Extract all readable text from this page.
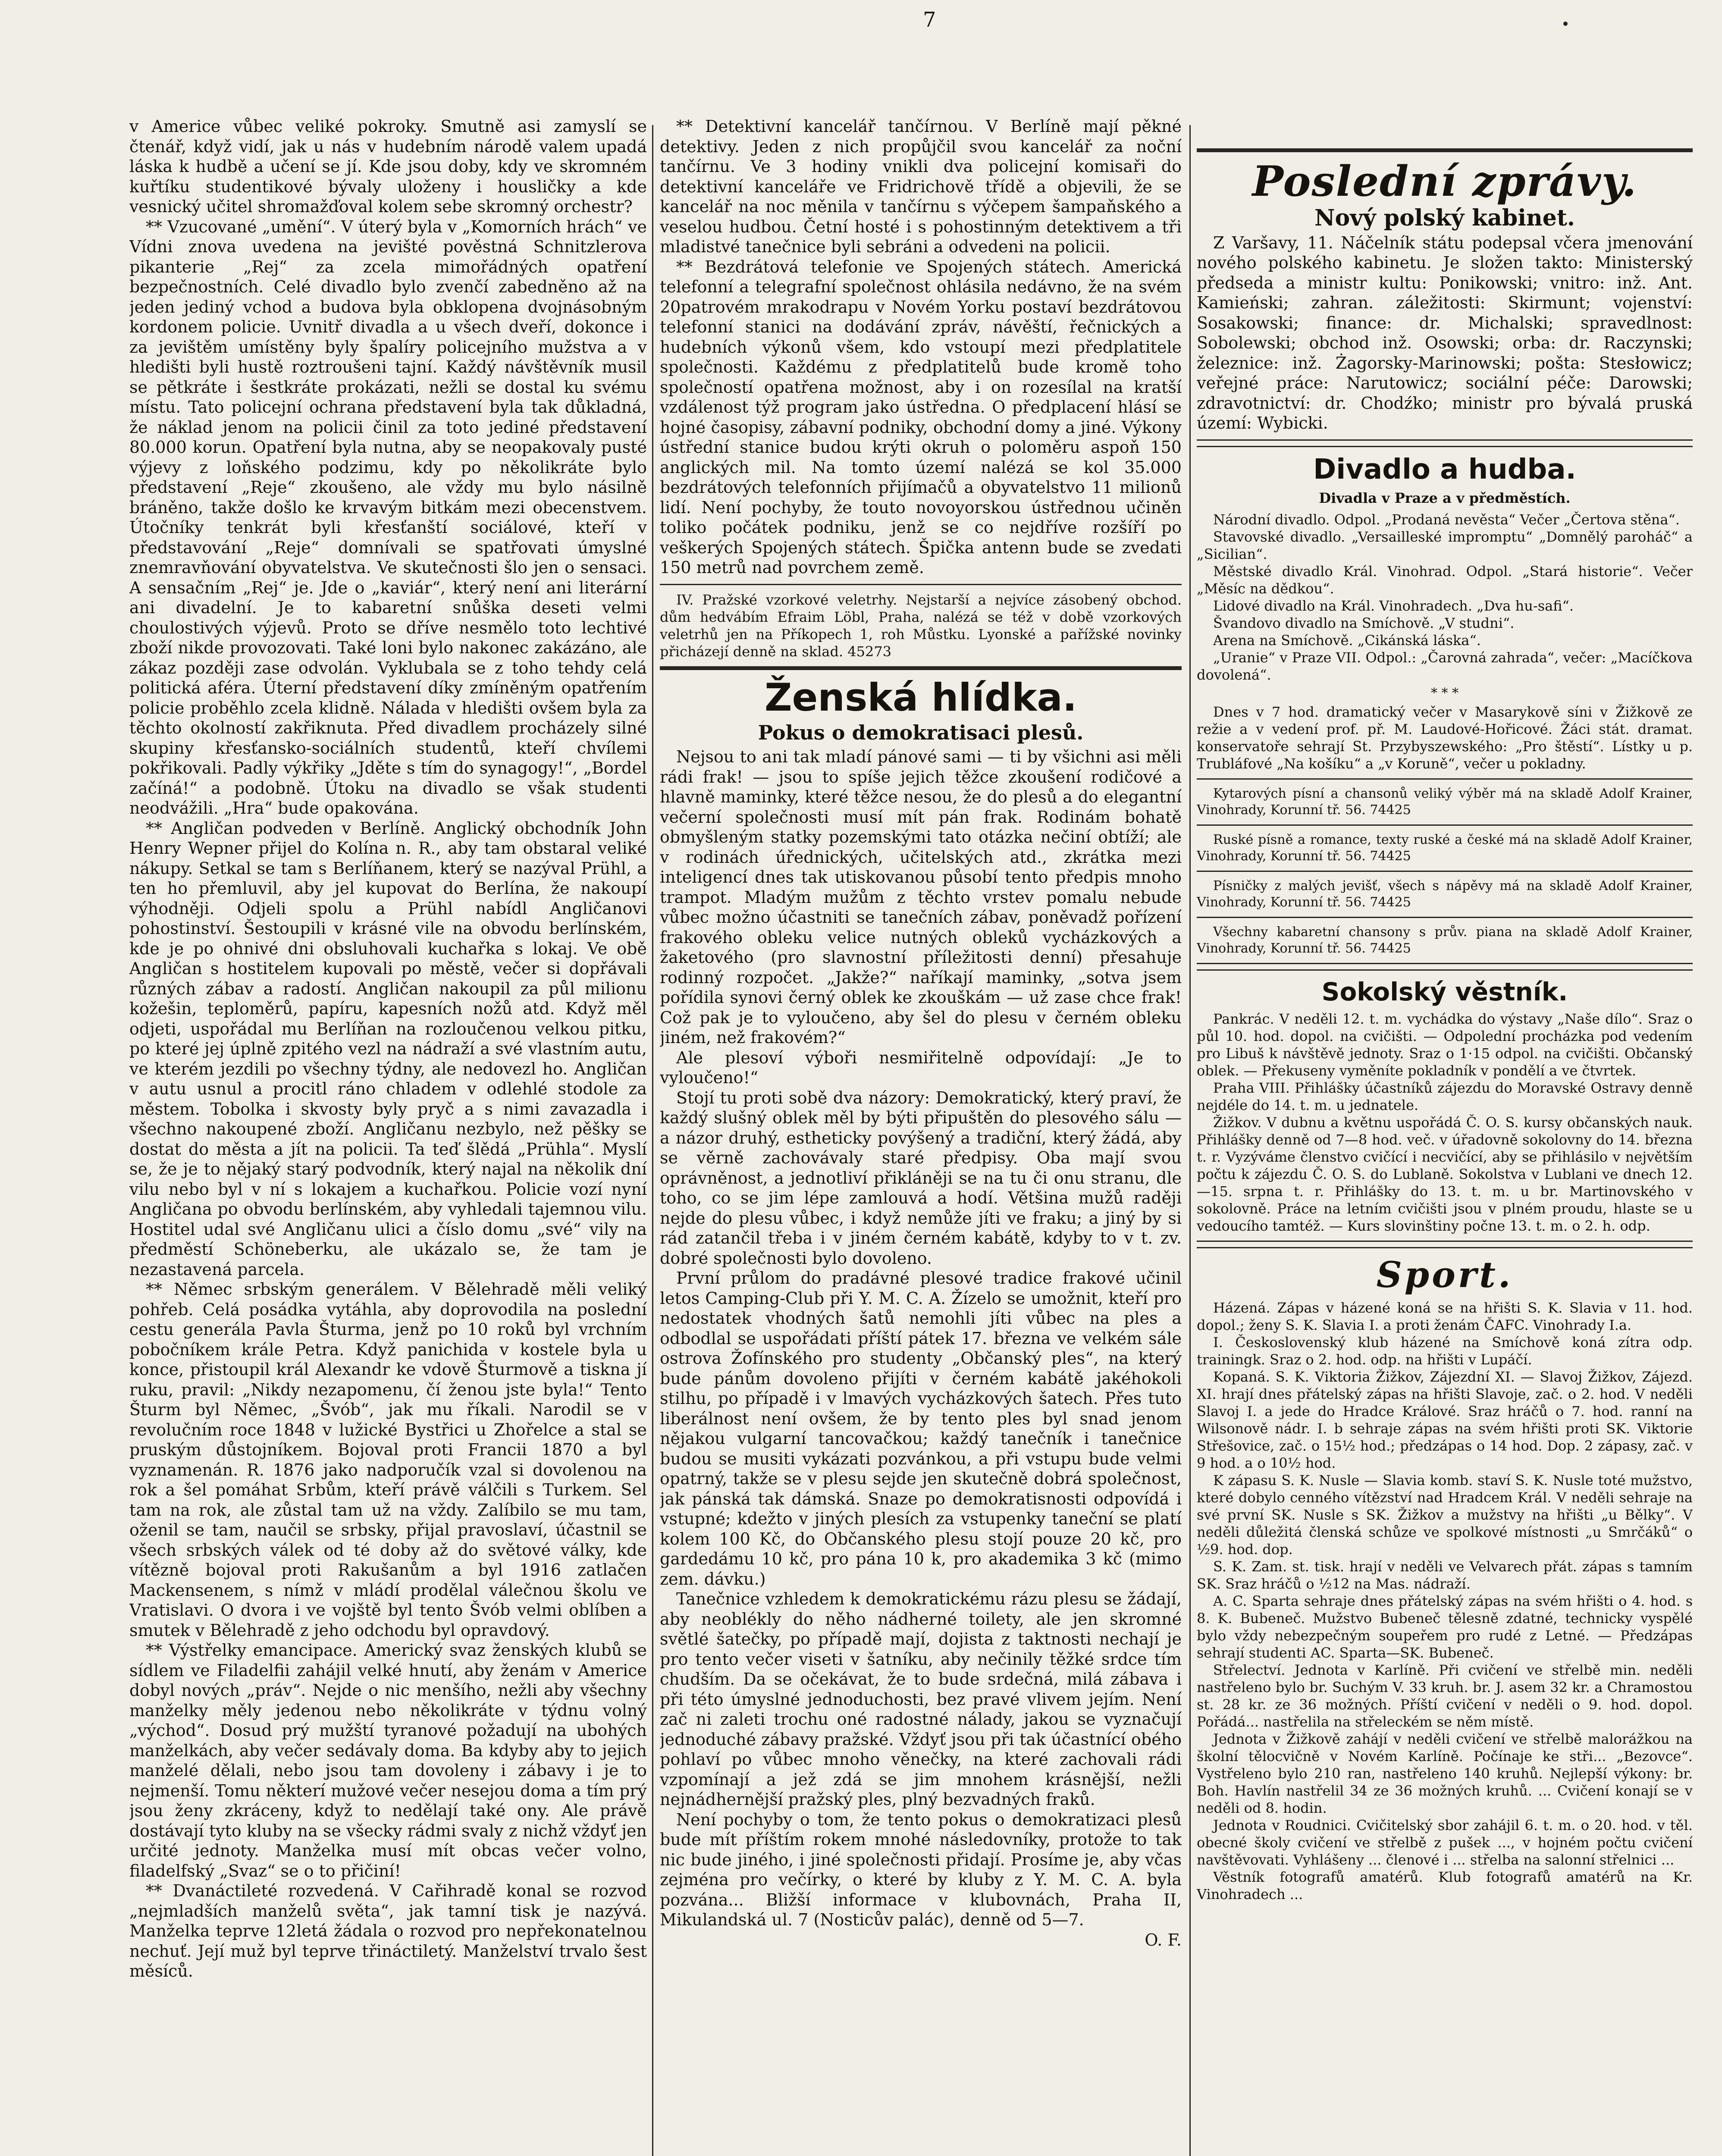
7

v Americe vůbec veliké pokroky. Smutně asi zamyslí se čtenář, když vidí, jak u nás v hudebním národě valem upadá láska k hudbě a učení se jí. Kde jsou doby, kdy ve skromném kuřtíku studentikové bývaly uloženy i housličky a kde vesnický učitel shromažďoval kolem sebe skromný orchestr?

** Vzucované „umění“. V úterý byla v „Komorních hrách“ ve Vídni znova uvedena na jevišté pověstná Schnitzlerova pikanterie „Rej“ za zcela mimořádných opatření bezpečnostních. Celé divadlo bylo zvenčí zabedněno až na jeden jediný vchod a budova byla obklopena dvojnásobným kordonem policie. Uvnitř divadla a u všech dveří, dokonce i za jevištěm umístěny byly špalíry policejního mužstva a v hledišti byli hustě roztroušeni tajní. Každý návštěvník musil se pětkráte i šestkráte prokázati, nežli se dostal ku svému místu. Tato policejní ochrana představení byla tak důkladná, že náklad jenom na policii činil za toto jediné představení 80.000 korun. Opatření byla nutna, aby se neopakovaly pusté výjevy z loňského podzimu, kdy po několikráte bylo představení „Reje“ zkoušeno, ale vždy mu bylo násilně bráněno, takže došlo ke krvavým bitkám mezi obecenstvem. Útočníky tenkrát byli křesťanští sociálové, kteří v představování „Reje“ domnívali se spatřovati úmyslné znemravňování obyvatelstva. Ve skutečnosti šlo jen o sensaci. A sensačním „Rej“ je. Jde o „kaviár“, který není ani literární ani divadelní. Je to kabaretní snůška deseti velmi choulostivých výjevů. Proto se dříve nesmělo toto lechtivé zboží nikde provozovati. Také loni bylo nakonec zakázáno, ale zákaz později zase odvolán. Vyklubala se z toho tehdy celá politická aféra. Úterní představení díky zmíněným opatřením policie proběhlo zcela klidně. Nálada v hledišti ovšem byla za těchto okolností zakřiknuta. Před divadlem procházely silné skupiny křesťansko-sociálních studentů, kteří chvílemi pokřikovali. Padly výkřiky „Jděte s tím do synagogy!“, „Bordel začíná!“ a podobně. Útoku na divadlo se však studenti neodvážili. „Hra“ bude opakována.

** Angličan podveden v Berlíně. Anglický obchodník John Henry Wepner přijel do Kolína n. R., aby tam obstaral veliké nákupy. Setkal se tam s Berlíňanem, který se nazýval Prühl, a ten ho přemluvil, aby jel kupovat do Berlína, že nakoupí výhodněji. Odjeli spolu a Prühl nabídl Angličanovi pohostinství. Šestoupili v krásné vile na obvodu berlínském, kde je po ohnivé dni obsluhovali kuchařka s lokaj. Ve obě Angličan s hostitelem kupovali po městě, večer si dopřávali různých zábav a radostí. Angličan nakoupil za půl milionu kožešin, teploměrů, papíru, kapesních nožů atd. Když měl odjeti, uspořádal mu Berlíňan na rozloučenou velkou pitku, po které jej úplně zpitého vezl na nádraží a své vlastním autu, ve kterém jezdili po všechny týdny, ale nedovezl ho. Angličan v autu usnul a procitl ráno chladem v odlehlé stodole za městem. Tobolka i skvosty byly pryč a s nimi zavazadla i všechno nakoupené zboží. Angličanu nezbylo, než pěšky se dostat do města a jít na policii. Ta teď šlědá „Prühla“. Myslí se, že je to nějaký starý podvodník, který najal na několik dní vilu nebo byl v ní s lokajem a kuchařkou. Policie vozí nyní Angličana po obvodu berlínském, aby vyhledali tajemnou vilu. Hostitel udal své Angličanu ulici a číslo domu „své“ vily na předměstí Schöneberku, ale ukázalo se, že tam je nezastavená parcela.

** Němec srbským generálem. V Bělehradě měli veliký pohřeb. Celá posádka vytáhla, aby doprovodila na poslední cestu generála Pavla Šturma, jenž po 10 roků byl vrchním pobočníkem krále Petra. Když panichida v kostele byla u konce, přistoupil král Alexandr ke vdově Šturmově a tiskna jí ruku, pravil: „Nikdy nezapomenu, čí ženou jste byla!“ Tento Šturm byl Němec, „Švób“, jak mu říkali. Narodil se v revolučním roce 1848 v lužické Bystřici u Zhořelce a stal se pruským důstojníkem. Bojoval proti Francii 1870 a byl vyznamenán. R. 1876 jako nadporučík vzal si dovolenou na rok a šel pomáhat Srbům, kteří právě válčili s Turkem. Sel tam na rok, ale zůstal tam už na vždy. Zalíbilo se mu tam, oženil se tam, naučil se srbsky, přijal pravoslaví, účastnil se všech srbských válek od té doby až do světové války, kde vítězně bojoval proti Rakušanům a byl 1916 zatlačen Mackensenem, s nímž v mládí prodělal válečnou školu ve Vratislavi. O dvora i ve vojště byl tento Švób velmi oblíben a smutek v Bělehradě z jeho odchodu byl opravdový.

** Výstřelky emancipace. Americký svaz ženských klubů se sídlem ve Filadelfii zahájil velké hnutí, aby ženám v Americe dobyl nových „práv“. Nejde o nic menšího, nežli aby všechny manželky měly jedenou nebo několikráte v týdnu volný „východ“. Dosud prý mužští tyranové požadují na ubohých manželkách, aby večer sedávaly doma. Ba kdyby aby to jejich manželé dělali, nebo jsou tam dovoleny i zábavy i je to nejmenší. Tomu některí mužové večer nesejou doma a tím prý jsou ženy zkráceny, když to nedělají také ony. Ale právě dostávají tyto kluby na se všecky rádmi svaly z nichž vždyť jen určité jednoty. Manželka musí mít obcas večer volno, filadelfský „Svaz“ se o to přičiní!

** Dvanáctileté rozvedená. V Cařihradě konal se rozvod „nejmladších manželů světa“, jak tamní tisk je nazývá. Manželka teprve 12letá žádala o rozvod pro nepřekonatelnou nechuť. Její muž byl teprve třináctiletý. Manželství trvalo šest měsíců.

** Detektivní kancelář tančírnou. V Berlíně mají pěkné detektivy. Jeden z nich propůjčil svou kancelář za noční tančírnu. Ve 3 hodiny vnikli dva policejní komisaři do detektivní kanceláře ve Fridrichově třídě a objevili, že se kancelář na noc měnila v tančírnu s výčepem šampaňského a veselou hudbou. Četní hosté i s pohostinným detektivem a tři mladistvé tanečnice byli sebráni a odvedeni na policii.

** Bezdrátová telefonie ve Spojených státech. Americká telefonní a telegrafní společnost ohlásila nedávno, že na svém 20patrovém mrakodrapu v Novém Yorku postaví bezdrátovou telefonní stanici na dodávání zpráv, návěští, řečnických a hudebních výkonů všem, kdo vstoupí mezi předplatitele společnosti. Každému z předplatitelů bude kromě toho společností opatřena možnost, aby i on rozesílal na kratší vzdálenost týž program jako ústředna. O předplacení hlásí se hojné časopisy, zábavní podniky, obchodní domy a jiné. Výkony ústřední stanice budou krýti okruh o poloměru aspoň 150 anglických mil. Na tomto území nalézá se kol 35.000 bezdrátových telefonních přijímačů a obyvatelstvo 11 milionů lidí. Není pochyby, že touto novoyorskou ústřednou učiněn toliko počátek podniku, jenž se co nejdříve rozšíří po veškerých Spojených státech. Špička antenn bude se zvedati 150 metrů nad povrchem země.

IV. Pražské vzorkové veletrhy. Nejstarší a nejvíce zásobený obchod. dům hedvábím Efraim Löbl, Praha, nalézá se též v době vzorkových veletrhů jen na Příkopech 1, roh Můstku. Lyonské a pařížské novinky přicházejí denně na sklad. 45273

Ženská hlídka.
Pokus o demokratisaci plesů.

Nejsou to ani tak mladí pánové sami — ti by všichni asi měli rádi frak! — jsou to spíše jejich těžce zkoušení rodičové a hlavně maminky, které těžce nesou, že do plesů a do elegantní večerní společnosti musí mít pán frak. Rodinám bohatě obmyšleným statky pozemskými tato otázka nečiní obtíží; ale v rodinách úřednických, učitelských atd., zkrátka mezi inteligencí dnes tak utiskovanou působí tento předpis mnoho trampot. Mladým mužům z těchto vrstev pomalu nebude vůbec možno účastniti se tanečních zábav, poněvadž pořízení frakového obleku velice nutných obleků vycházkových a žaketového (pro slavnostní příležitosti denní) přesahuje rodinný rozpočet. „Jakže?“ naříkají maminky, „sotva jsem pořídila synovi černý oblek ke zkouškám — už zase chce frak! Což pak je to vyloučeno, aby šel do plesu v černém obleku jiném, než frakovém?“

Ale plesoví výboři nesmiřitelně odpovídají: „Je to vyloučeno!“

Stojí tu proti sobě dva názory: Demokratický, který praví, že každý slušný oblek měl by býti připuštěn do plesového sálu — a názor druhý, estheticky povýšený a tradiční, který žádá, aby se věrně zachovávaly staré předpisy. Oba mají svou oprávněnost, a jednotliví přikláněji se na tu či onu stranu, dle toho, co se jim lépe zamlouvá a hodí. Většina mužů raději nejde do plesu vůbec, i když nemůže jíti ve fraku; a jiný by si rád zatančil třeba i v jiném černém kabátě, kdyby to v t. zv. dobré společnosti bylo dovoleno.

První průlom do pradávné plesové tradice frakové učinil letos Camping-Club při Y. M. C. A. Žízelo se umožnit, kteří pro nedostatek vhodných šatů nemohli jíti vůbec na ples a odbodlal se uspořádati příští pátek 17. března ve velkém sále ostrova Žofínského pro studenty „Občanský ples“, na který bude pánům dovoleno přijíti v černém kabátě jakéhokoli stilhu, po případě i v lmavých vycházkových šatech. Přes tuto liberálnost není ovšem, že by tento ples byl snad jenom nějakou vulgarní tancovačkou; každý tanečník i tanečnice budou se musiti vykázati pozvánkou, a při vstupu bude velmi opatrný, takže se v plesu sejde jen skutečně dobrá společnost, jak pánská tak dámská. Snaze po demokratisnosti odpovídá i vstupné; kdežto v jiných plesích za vstupenky taneční se platí kolem 100 Kč, do Občanského plesu stojí pouze 20 kč, pro gardedámu 10 kč, pro pána 10 k, pro akademika 3 kč (mimo zem. dávku.)

Tanečnice vzhledem k demokratickému rázu plesu se žádají, aby neoblékly do něho nádherné toilety, ale jen skromné světlé šatečky, po případě mají, dojista z taktnosti nechají je pro tento večer viseti v šatníku, aby nečinily těžké srdce tím chudším. Da se očekávat, že to bude srdečná, milá zábava i při této úmyslné jednoduchosti, bez pravé vlivem jejím. Není zač ni zaleti trochu oné radostné nálady, jakou se vyznačují jednoduché zábavy pražské. Vždyť jsou při tak účastnící obého pohlaví po vůbec mnoho věnečky, na které zachovali rádi vzpomínají a jež zdá se jim mnohem krásnější, nežli nejnádhernější pražský ples, plný bezvadných fraků.

Není pochyby o tom, že tento pokus o demokratizaci plesů bude mít příštím rokem mnohé následovníky, protože to tak nic bude jiného, i jiné společnosti přidají. Prosíme je, aby včas zejména pro večírky, o které by kluby z Y. M. C. A. byla pozvána... Bližší informace v klubovnách, Praha II, Mikulandská ul. 7 (Nosticův palác), denně od 5—7.

O. F.
Poslední zprávy.
Nový polský kabinet.

Z Varšavy, 11. Náčelník státu podepsal včera jmenování nového polského kabinetu. Je složen takto: Ministerský předseda a ministr kultu: Ponikowski; vnitro: inž. Ant. Kamieński; zahran. záležitosti: Skirmunt; vojenství: Sosakowski; finance: dr. Michalski; spravedlnost: Sobolewski; obchod inž. Osowski; orba: dr. Raczynski; železnice: inž. Żagorsky-Marinowski; pošta: Stesłowicz; veřejné práce: Narutowicz; sociální péče: Darowski; zdravotnictví: dr. Chodźko; ministr pro bývalá pruská území: Wybicki.

Divadlo a hudba.
Divadla v Praze a v předměstích.

Národní divadlo. Odpol. „Prodaná nevěsta“ Večer „Čertova stěna“.

Stavovské divadlo. „Versailleské impromptu“ „Domnělý paroháč“ a „Sicilian“.

Městské divadlo Král. Vinohrad. Odpol. „Stará historie“. Večer „Měsíc na dědkou“.

Lidové divadlo na Král. Vinohradech. „Dva hu-safi“.

Švandovo divadlo na Smíchově. „V studni“.

Arena na Smíchově. „Cikánská láska“.

„Uranie“ v Praze VII. Odpol.: „Čarovná zahrada“, večer: „Macíčkova dovolená“.

* * *

Dnes v 7 hod. dramatický večer v Masarykově síni v Žižkově ze režie a v vedení prof. př. M. Laudové-Hořicové. Žáci stát. dramat. konservatoře sehrají St. Przybyszewského: „Pro štěstí“. Lístky u p. Trubláfové „Na košíku“ a „v Koruně“, večer u pokladny.

Kytarových písní a chansonů veliký výběr má na skladě Adolf Krainer, Vinohrady, Korunní tř. 56. 74425

Ruské písně a romance, texty ruské a české má na skladě Adolf Krainer, Vinohrady, Korunní tř. 56. 74425

Písničky z malých jevišť, všech s nápěvy má na skladě Adolf Krainer, Vinohrady, Korunní tř. 56. 74425

Všechny kabaretní chansony s prův. piana na skladě Adolf Krainer, Vinohrady, Korunní tř. 56. 74425

Sokolský věstník.

Pankrác. V neděli 12. t. m. vychádka do výstavy „Naše dílo“. Sraz o půl 10. hod. dopol. na cvičišti. — Odpolední procházka pod vedením pro Libuš k návštěvě jednoty. Sraz o 1·15 odpol. na cvičišti. Občanský oblek. — Překuseny vyměníte pokladník v pondělí a ve čtvrtek.

Praha VIII. Přihlášky účastníků zájezdu do Moravské Ostravy denně nejdéle do 14. t. m. u jednatele.

Žižkov. V dubnu a květnu uspořádá Č. O. S. kursy občanských nauk. Přihlášky denně od 7—8 hod. več. v úřadovně sokolovny do 14. března t. r. Vyzýváme členstvo cvičící i necvičící, aby se přihlásilo v největším počtu k zájezdu Č. O. S. do Lublaně. Sokolstva v Lublani ve dnech 12.—15. srpna t. r. Přihlášky do 13. t. m. u br. Martinovského v sokolovně. Práce na letním cvičišti jsou v plném proudu, hlaste se u vedoucího tamtéž. — Kurs slovinštiny počne 13. t. m. o 2. h. odp.

Sport.

Házená. Zápas v házené koná se na hřišti S. K. Slavia v 11. hod. dopol.; ženy S. K. Slavia I. a proti ženám ČAFC. Vinohrady I.a.

I. Československý klub házené na Smíchově koná zítra odp. trainingk. Sraz o 2. hod. odp. na hřišti v Lupáčí.

Kopaná. S. K. Viktoria Žižkov, Zájezdní XI. — Slavoj Žižkov, Zájezd. XI. hrají dnes přátelský zápas na hřišti Slavoje, zač. o 2. hod. V neděli Slavoj I. a jede do Hradce Králové. Sraz hráčů o 7. hod. ranní na Wilsonově nádr. I. b sehraje zápas na svém hřišti proti SK. Viktorie Střešovice, zač. o 15½ hod.; předzápas o 14 hod. Dop. 2 zápasy, zač. v 9 hod. a o 10½ hod.

K zápasu S. K. Nusle — Slavia komb. staví S. K. Nusle toté mužstvo, které dobylo cenného vítězství nad Hradcem Král. V neděli sehraje na své první SK. Nusle s SK. Žižkov a mužstvy na hřišti „u Bělky“. V neděli důležitá členská schůze ve spolkové místnosti „u Smrčáků“ o ½9. hod. dop.

S. K. Zam. st. tisk. hrají v neděli ve Velvarech přát. zápas s tamním SK. Sraz hráčů o ½12 na Mas. nádraží.

A. C. Sparta sehraje dnes přátelský zápas na svém hřišti o 4. hod. s 8. K. Bubeneč. Mužstvo Bubeneč tělesně zdatné, technicky vyspělé bylo vždy nebezpečným soupeřem pro rudé z Letné. — Předzápas sehrají studenti AC. Sparta—SK. Bubeneč.

Střelectví. Jednota v Karlíně. Při cvičení ve střelbě min. neděli nastřeleno bylo br. Suchým V. 33 kruh. br. J. asem 32 kr. a Chramostou st. 28 kr. ze 36 možných. Příští cvičení v neděli o 9. hod. dopol. Pořádá... nastřelila na střeleckém se něm místě.

Jednota v Žižkově zahájí v neděli cvičení ve střelbě malorážkou na školní tělocvičně v Novém Karlíně. Počínaje ke stři... „Bezovce“. Vystřeleno bylo 210 ran, nastřeleno 140 kruhů. Nejlepší výkony: br. Boh. Havlín nastřelil 34 ze 36 možných kruhů. ... Cvičení konají se v neděli od 8. hodin.

Jednota v Roudnici. Cvičitelský sbor zahájil 6. t. m. o 20. hod. v těl. obecné školy cvičení ve střelbě z pušek ..., v hojném počtu cvičení navštěvovati. Vyhlášeny ... členové i ... střelba na salonní střelnici ...

Věstník fotografů amatérů. Klub fotografů amatérů na Kr. Vinohradech ...
